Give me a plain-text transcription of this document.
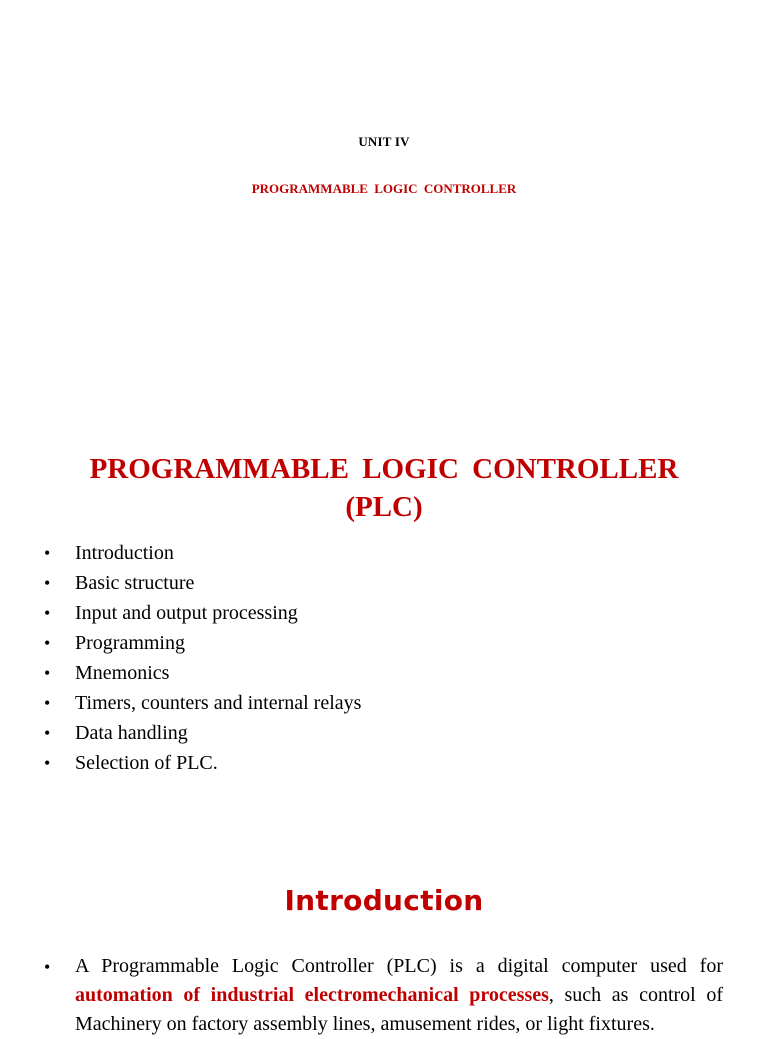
UNIT IV
PROGRAMMABLE LOGIC CONTROLLER
PROGRAMMABLE LOGIC CONTROLLER
(PLC)
• Introduction
• Basic structure
• Input and output processing
• Programming
• Mnemonics
• Timers, counters and internal relays
• Data handling
• Selection of PLC.
Introduction
•	A Programmable Logic Controller (PLC) is a digital computer used for automation of industrial electromechanical processes, such as control of Machinery on factory assembly lines, amusement rides, or light fixtures.
